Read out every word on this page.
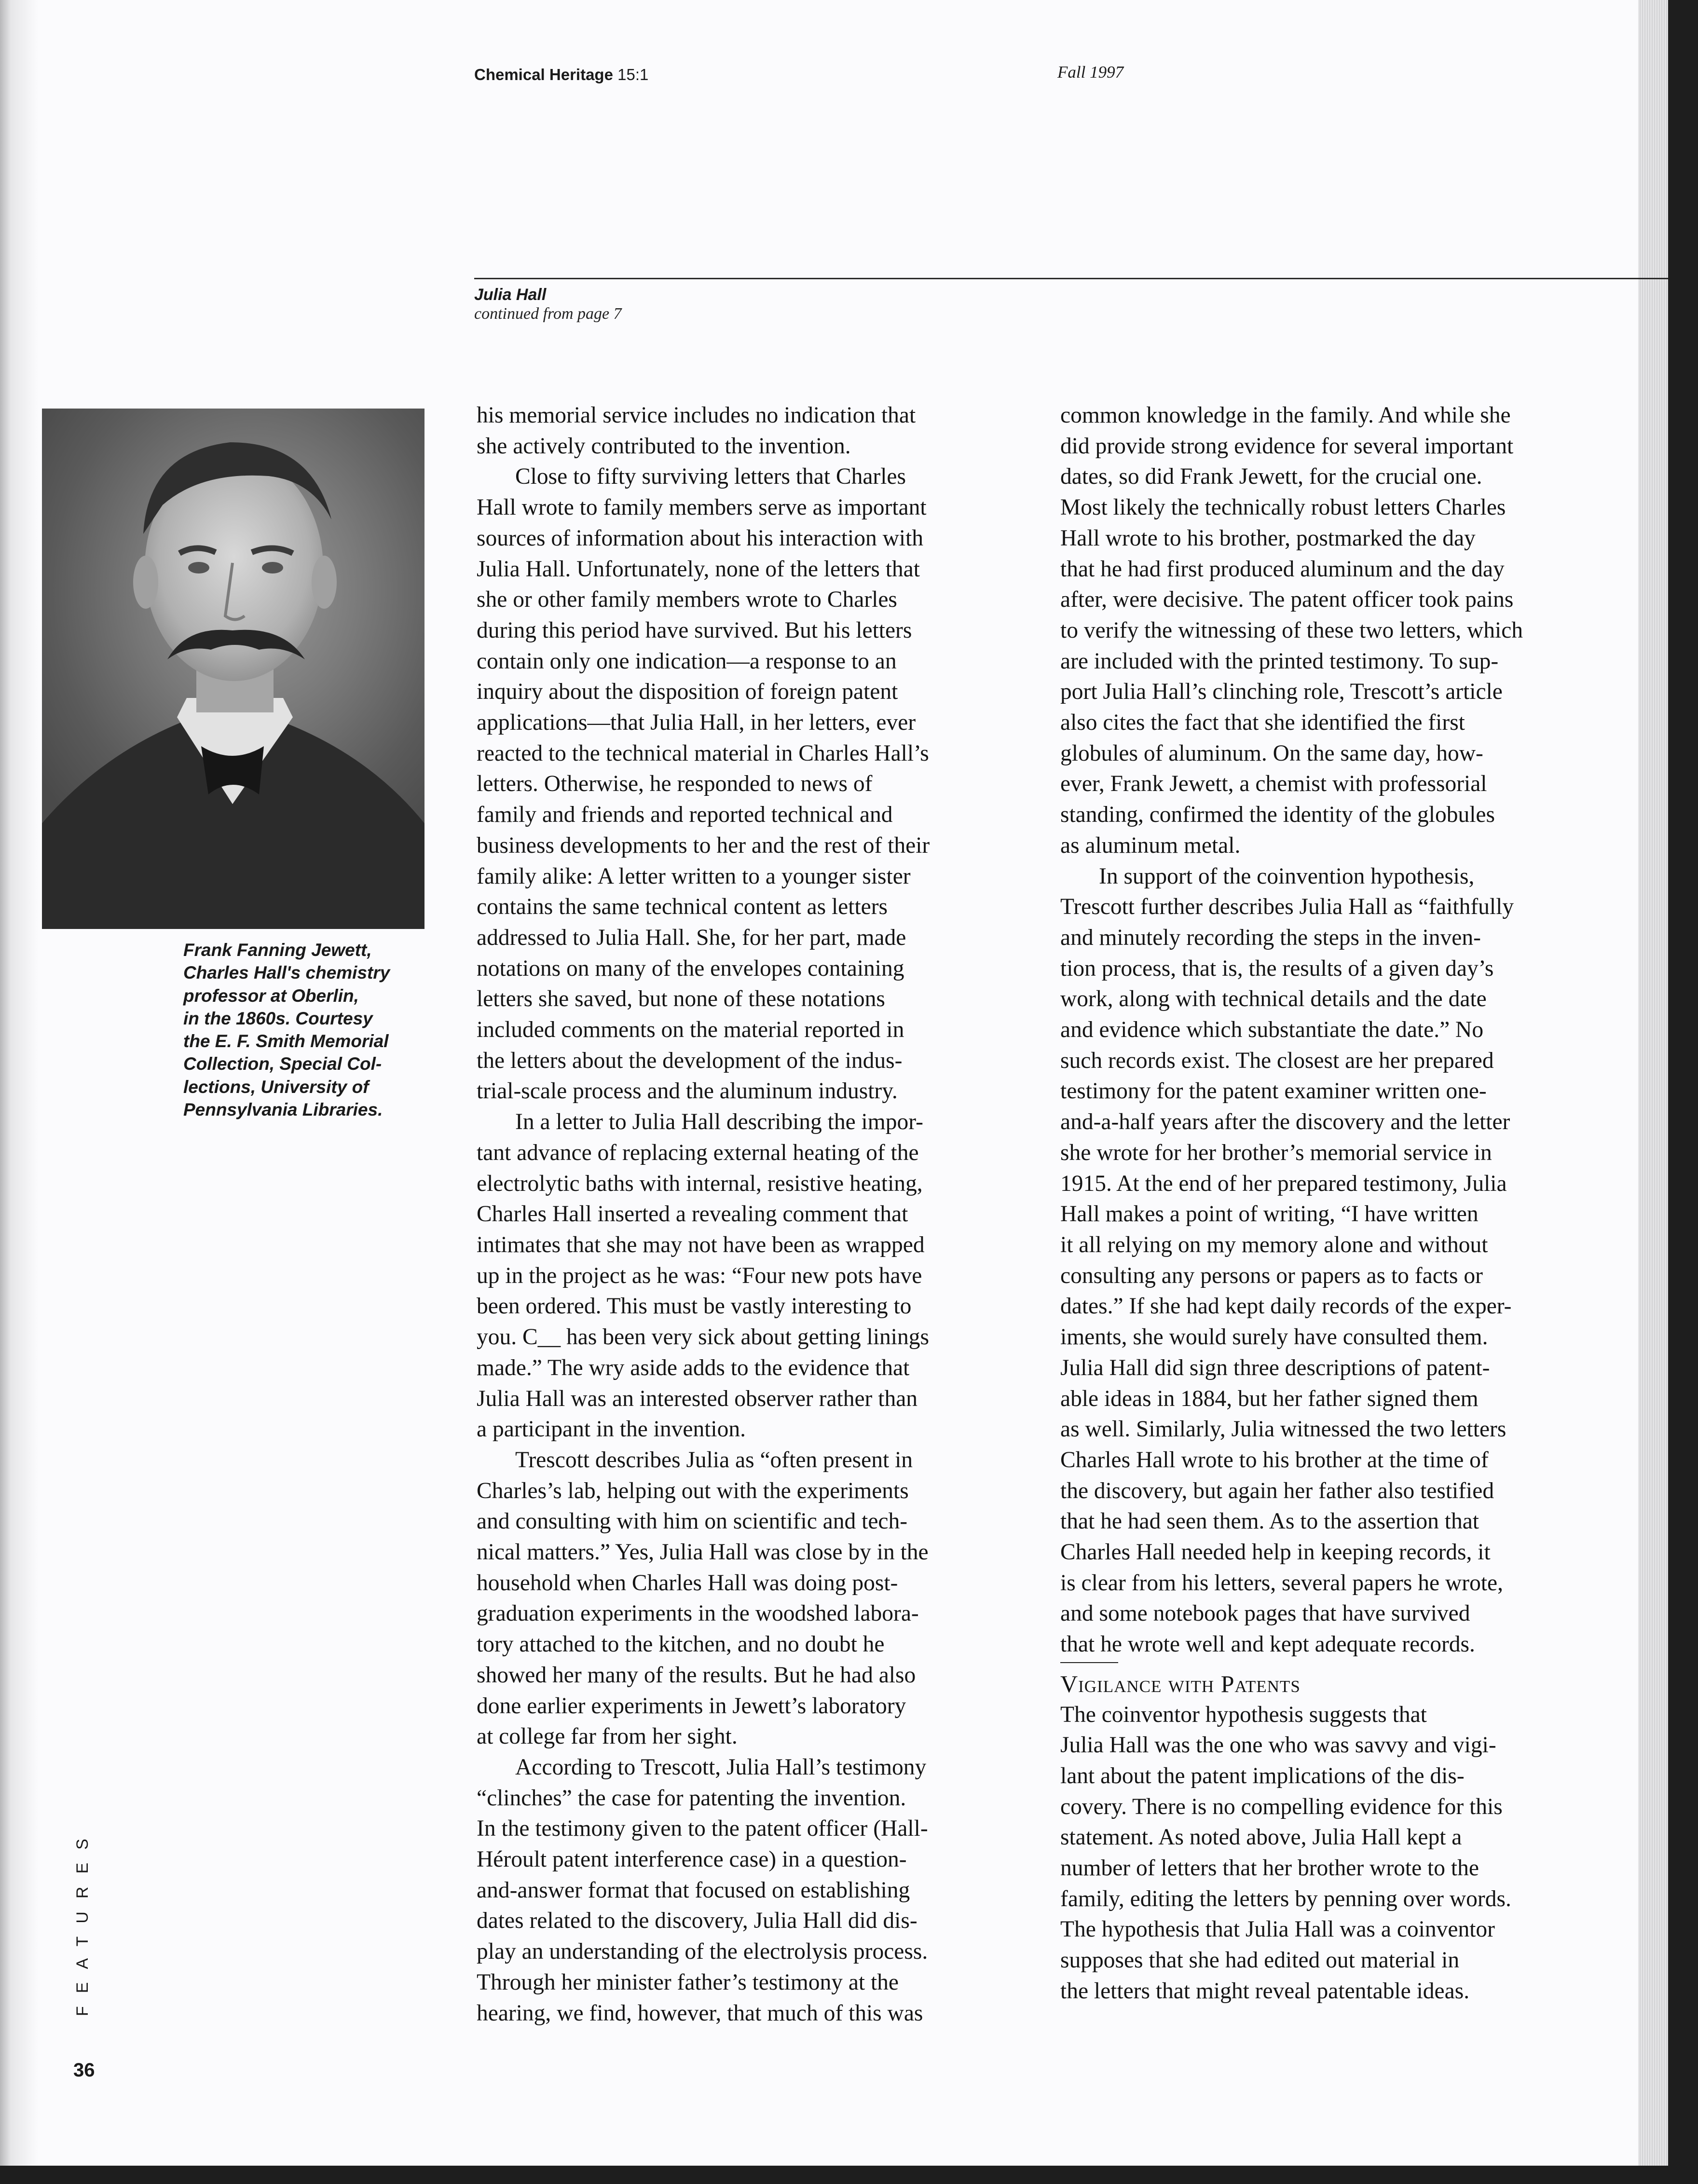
Chemical Heritage 15:1	Fall 1997
Julia Hall
continued from page 7
Frank Fanning Jewett,
Charles Hall's chemistry
professor at Oberlin,
in the 1860s. Courtesy
the E. F. Smith Memorial
Collection, Special Col-
lections, University of
Pennsylvania Libraries.
his memorial service includes no indication that
she actively contributed to the invention.
Close to fifty surviving letters that Charles
Hall wrote to family members serve as important
sources of information about his interaction with
Julia Hall. Unfortunately, none of the letters that
she or other family members wrote to Charles
during this period have survived. But his letters
contain only one indication—a response to an
inquiry about the disposition of foreign patent
applications—that Julia Hall, in her letters, ever
reacted to the technical material in Charles Hall’s
letters. Otherwise, he responded to news of
family and friends and reported technical and
business developments to her and the rest of their
family alike: A letter written to a younger sister
contains the same technical content as letters
addressed to Julia Hall. She, for her part, made
notations on many of the envelopes containing
letters she saved, but none of these notations
included comments on the material reported in
the letters about the development of the indus-
trial-scale process and the aluminum industry.
In a letter to Julia Hall describing the impor-
tant advance of replacing external heating of the
electrolytic baths with internal, resistive heating,
Charles Hall inserted a revealing comment that
intimates that she may not have been as wrapped
up in the project as he was: “Four new pots have
been ordered. This must be vastly interesting to
you. C__ has been very sick about getting linings
made.” The wry aside adds to the evidence that
Julia Hall was an interested observer rather than
a participant in the invention.
Trescott describes Julia as “often present in
Charles’s lab, helping out with the experiments
and consulting with him on scientific and tech-
nical matters.” Yes, Julia Hall was close by in the
household when Charles Hall was doing post-
graduation experiments in the woodshed labora-
tory attached to the kitchen, and no doubt he
showed her many of the results. But he had also
done earlier experiments in Jewett’s laboratory
at college far from her sight.
According to Trescott, Julia Hall’s testimony
“clinches” the case for patenting the invention.
In the testimony given to the patent officer (Hall-
Héroult patent interference case) in a question-
and-answer format that focused on establishing
dates related to the discovery, Julia Hall did dis-
play an understanding of the electrolysis process.
Through her minister father’s testimony at the
hearing, we find, however, that much of this was
common knowledge in the family. And while she
did provide strong evidence for several important
dates, so did Frank Jewett, for the crucial one.
Most likely the technically robust letters Charles
Hall wrote to his brother, postmarked the day
that he had first produced aluminum and the day
after, were decisive. The patent officer took pains
to verify the witnessing of these two letters, which
are included with the printed testimony. To sup-
port Julia Hall’s clinching role, Trescott’s article
also cites the fact that she identified the first
globules of aluminum. On the same day, how-
ever, Frank Jewett, a chemist with professorial
standing, confirmed the identity of the globules
as aluminum metal.
In support of the coinvention hypothesis,
Trescott further describes Julia Hall as “faithfully
and minutely recording the steps in the inven-
tion process, that is, the results of a given day’s
work, along with technical details and the date
and evidence which substantiate the date.” No
such records exist. The closest are her prepared
testimony for the patent examiner written one-
and-a-half years after the discovery and the letter
she wrote for her brother’s memorial service in
1915. At the end of her prepared testimony, Julia
Hall makes a point of writing, “I have written
it all relying on my memory alone and without
consulting any persons or papers as to facts or
dates.” If she had kept daily records of the exper-
iments, she would surely have consulted them.
Julia Hall did sign three descriptions of patent-
able ideas in 1884, but her father signed them
as well. Similarly, Julia witnessed the two letters
Charles Hall wrote to his brother at the time of
the discovery, but again her father also testified
that he had seen them. As to the assertion that
Charles Hall needed help in keeping records, it
is clear from his letters, several papers he wrote,
and some notebook pages that have survived
that he wrote well and kept adequate records.
Vigilance with Patents
The coinventor hypothesis suggests that
Julia Hall was the one who was savvy and vigi-
lant about the patent implications of the dis-
covery. There is no compelling evidence for this
statement. As noted above, Julia Hall kept a
number of letters that her brother wrote to the
family, editing the letters by penning over words.
The hypothesis that Julia Hall was a coinventor
supposes that she had edited out material in
the letters that might reveal patentable ideas.
FEATURES
36
